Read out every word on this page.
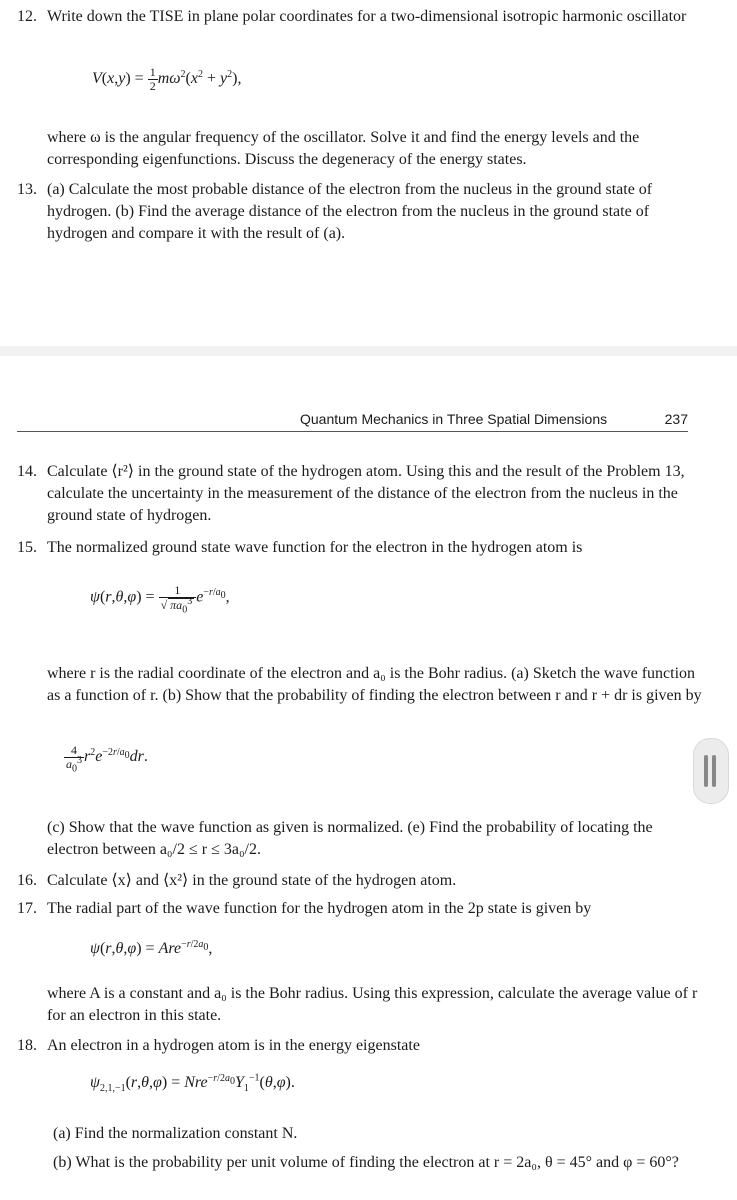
12. Write down the TISE in plane polar coordinates for a two-dimensional isotropic harmonic oscillator
$V(x,y) = \frac{1}{2} m\omega^2(x^2 + y^2)$,
where ω is the angular frequency of the oscillator. Solve it and find the energy levels and the corresponding eigenfunctions. Discuss the degeneracy of the energy states.
13. (a) Calculate the most probable distance of the electron from the nucleus in the ground state of hydrogen. (b) Find the average distance of the electron from the nucleus in the ground state of hydrogen and compare it with the result of (a).
Quantum Mechanics in Three Spatial Dimensions	237
14. Calculate ⟨r²⟩ in the ground state of the hydrogen atom. Using this and the result of the Problem 13, calculate the uncertainty in the measurement of the distance of the electron from the nucleus in the ground state of hydrogen.
15. The normalized ground state wave function for the electron in the hydrogen atom is
$\psi(r,\theta,\varphi) = \frac{1}{√ \pi a_0^3} e^{-r/a_0}$,
where r is the radial coordinate of the electron and a₀ is the Bohr radius. (a) Sketch the wave function as a function of r. (b) Show that the probability of finding the electron between r and r + dr is given by
$\frac{4}{a_0^3} r^2e^{-2r/a_0}dr$.
(c) Show that the wave function as given is normalized. (e) Find the probability of locating the electron between a₀/2 ≤ r ≤ 3a₀/2.
16. Calculate ⟨x⟩ and ⟨x²⟩ in the ground state of the hydrogen atom.
17. The radial part of the wave function for the hydrogen atom in the 2p state is given by
ψ(r,θ,φ) = Are$^{-r/2a_0}$,
where A is a constant and a₀ is the Bohr radius. Using this expression, calculate the average value of r for an electron in this state.
18. An electron in a hydrogen atom is in the energy eigenstate
$\psi_{2,1,-1}(r,\theta,\varphi) = Nre^{-r/2a_0}Y_1^{-1}(\theta,\varphi)$.
(a) Find the normalization constant N.
(b) What is the probability per unit volume of finding the electron at r = 2a₀, θ = 45° and φ = 60°?
